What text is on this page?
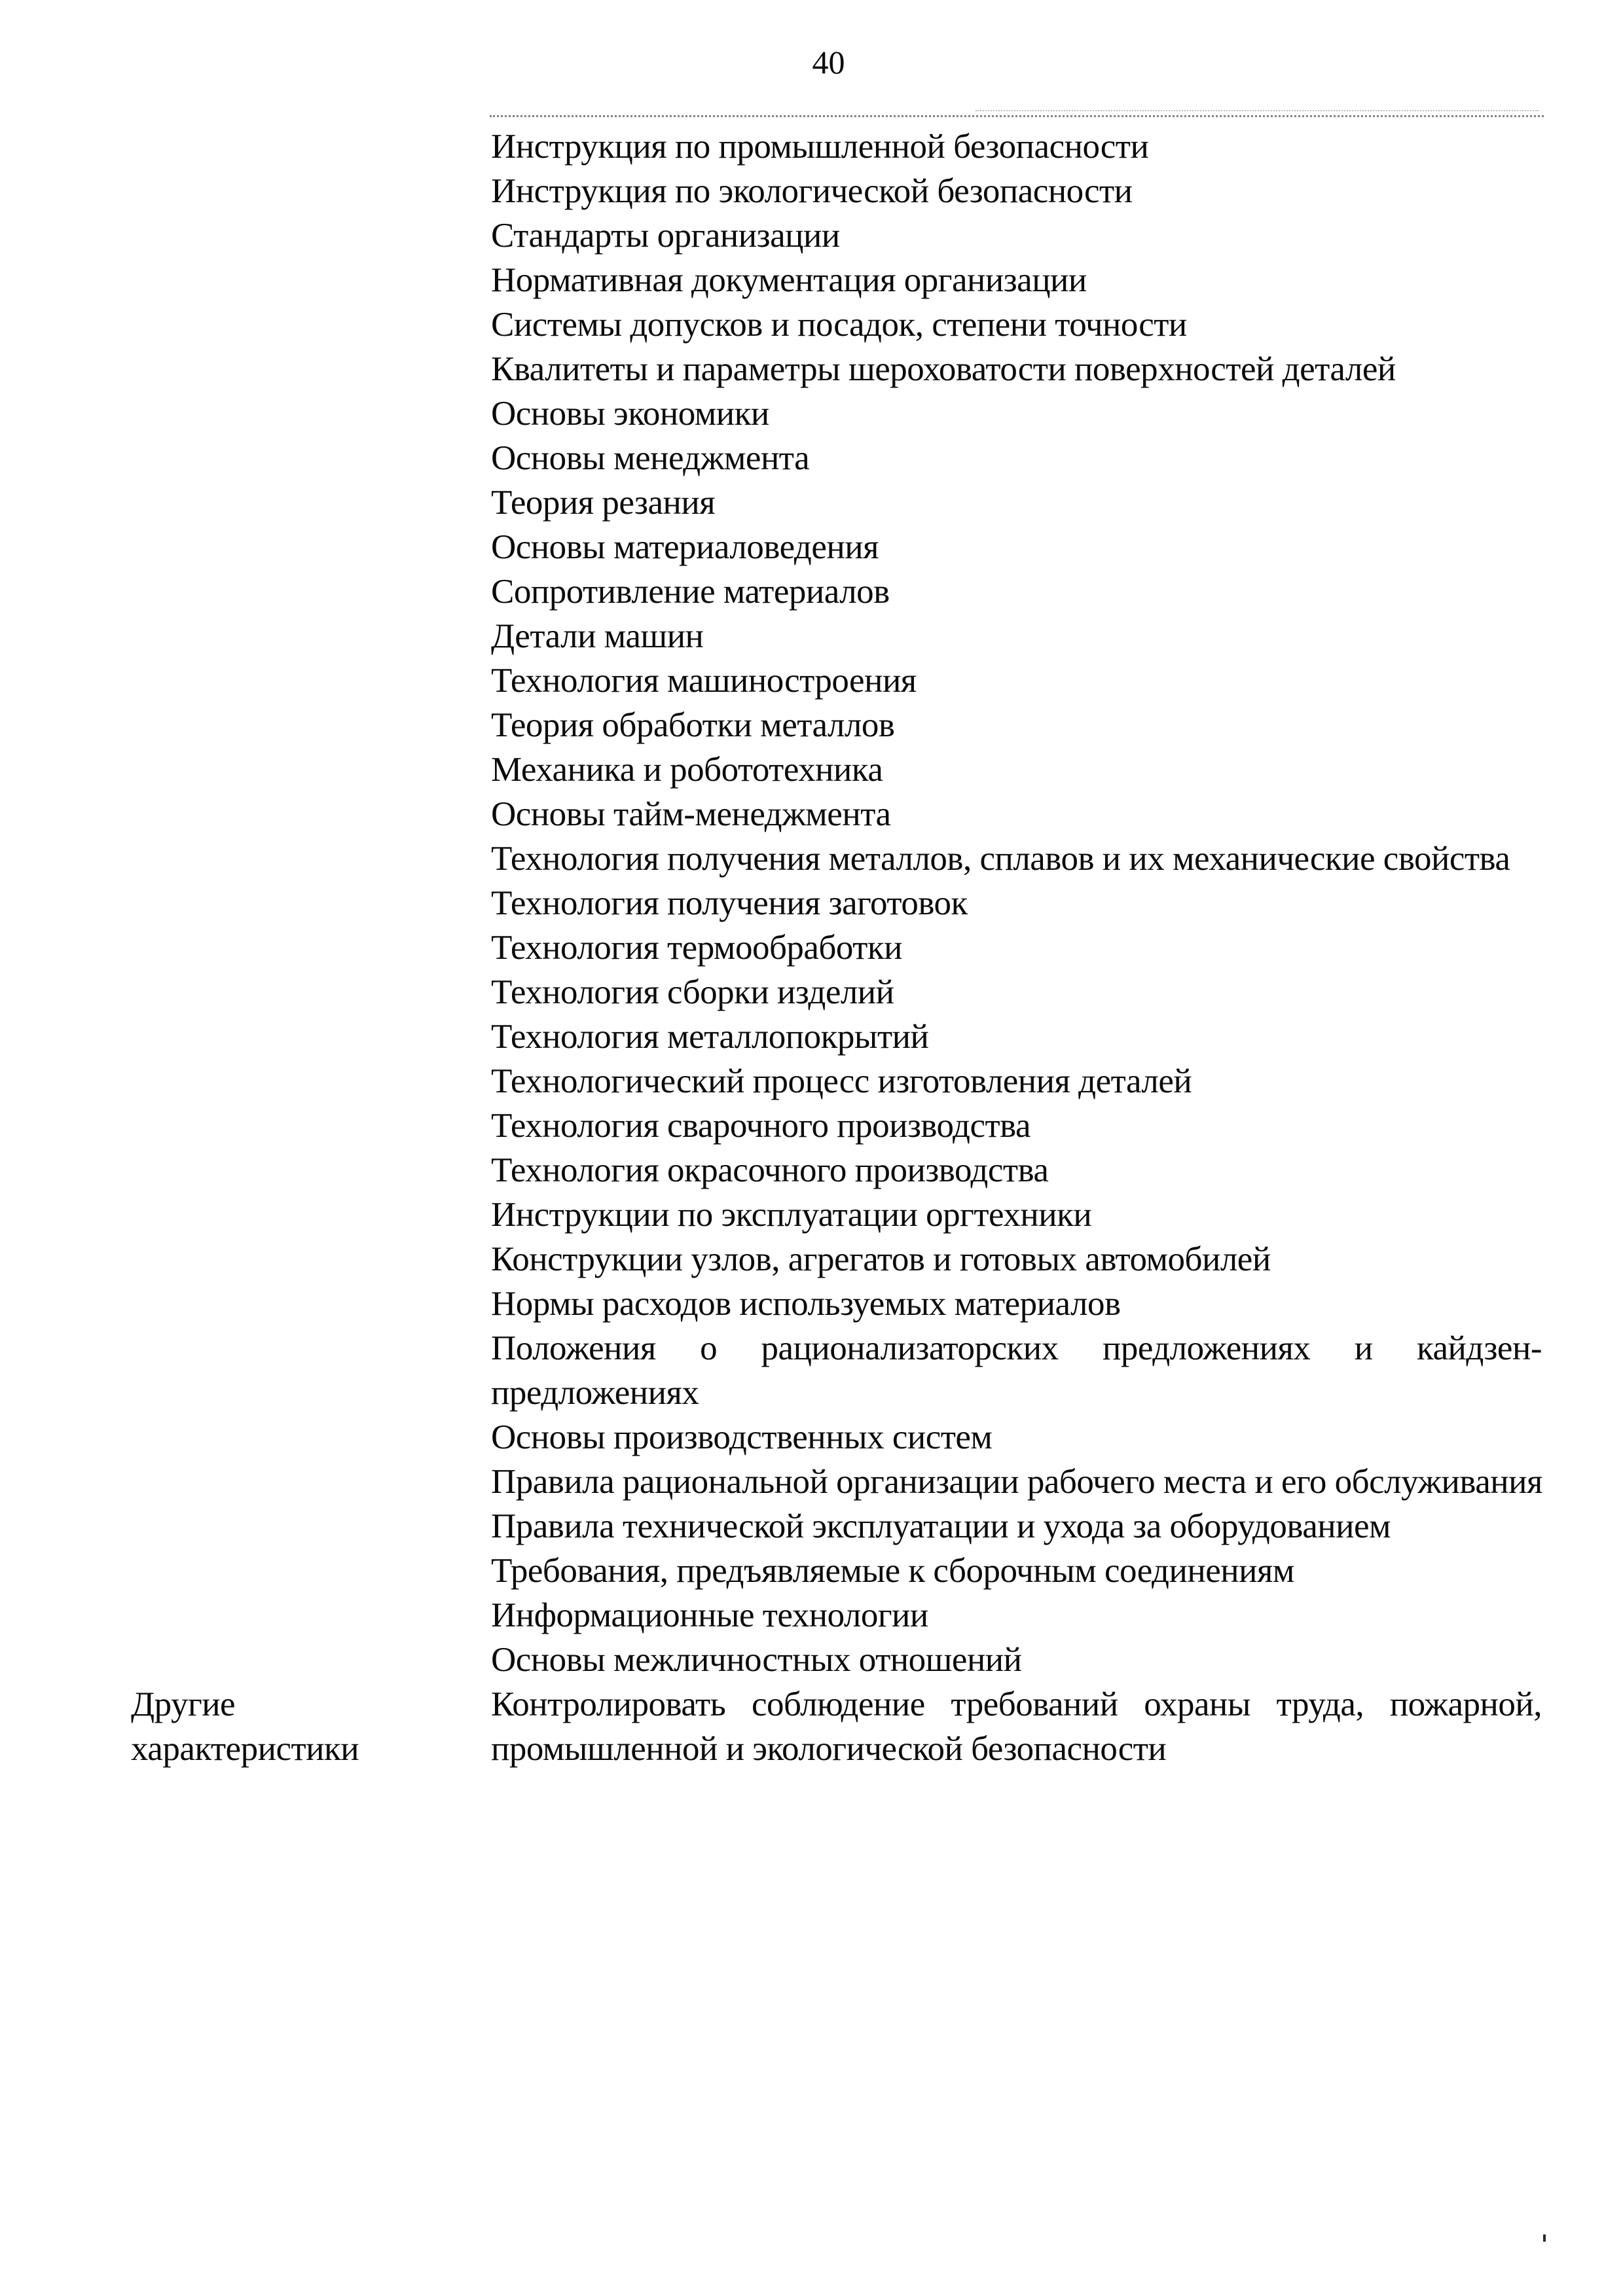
40
Инструкция по промышленной безопасности
Инструкция по экологической безопасности
Стандарты организации
Нормативная документация организации
Системы допусков и посадок, степени точности
Квалитеты и параметры шероховатости поверхностей деталей
Основы экономики
Основы менеджмента
Теория резания
Основы материаловедения
Сопротивление материалов
Детали машин
Технология машиностроения
Теория обработки металлов
Механика и робототехника
Основы тайм-менеджмента
Технология получения металлов, сплавов и их механические свойства
Технология получения заготовок
Технология термообработки
Технология сборки изделий
Технология металлопокрытий
Технологический процесс изготовления деталей
Технология сварочного производства
Технология окрасочного производства
Инструкции по эксплуатации оргтехники
Конструкции узлов, агрегатов и готовых автомобилей
Нормы расходов используемых материалов
Положения о рационализаторских предложениях и кайдзен-
предложениях
Основы производственных систем
Правила рациональной организации рабочего места и его обслуживания
Правила технической эксплуатации и ухода за оборудованием
Требования, предъявляемые к сборочным соединениям
Информационные технологии
Основы межличностных отношений
Контролировать соблюдение требований охраны труда, пожарной,
промышленной и экологической безопасности
Другие
характеристики
